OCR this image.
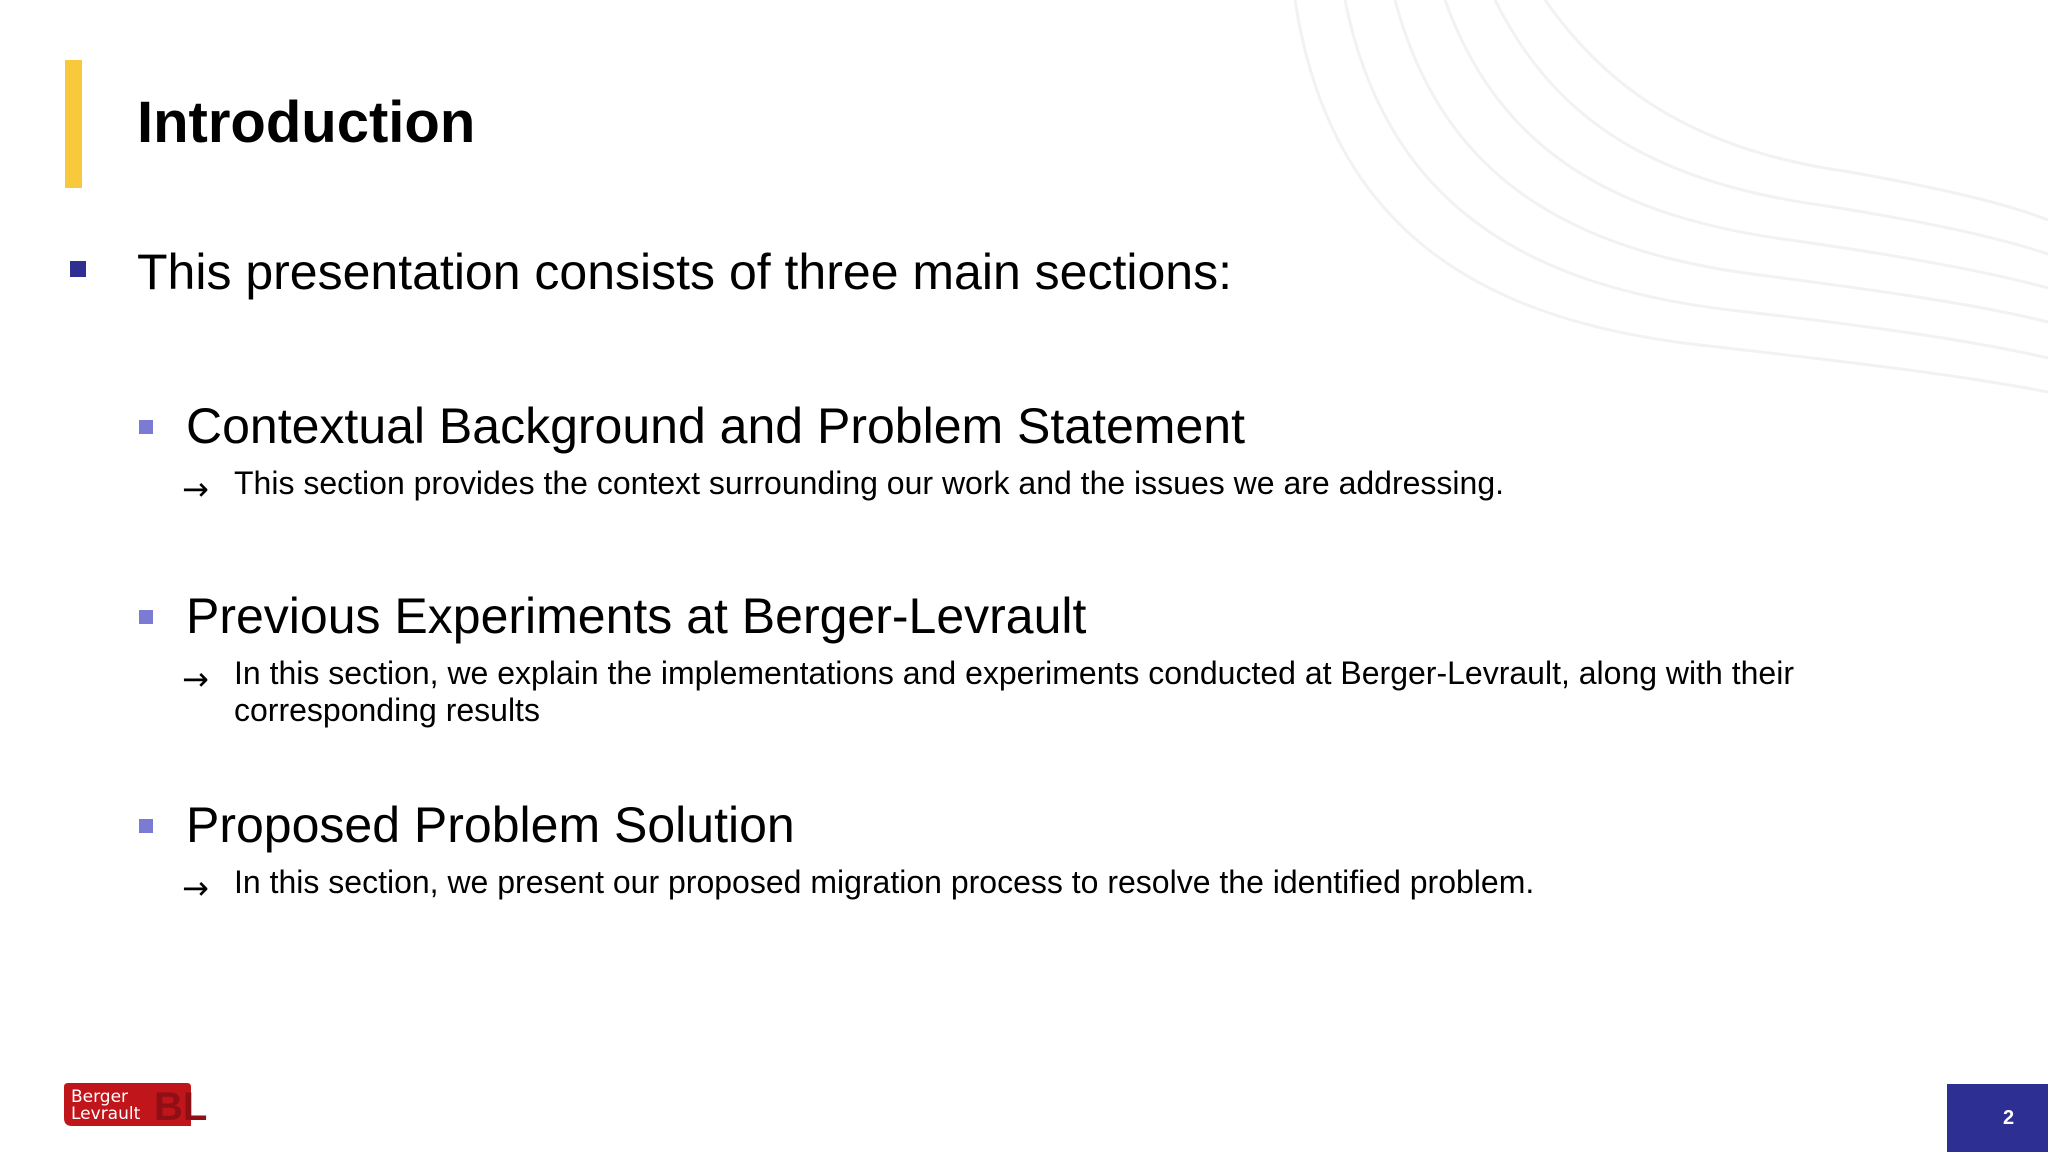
Introduction
This presentation consists of three main sections:
Contextual Background and Problem Statement
→ This section provides the context surrounding our work and the issues we are addressing.
Previous Experiments at Berger-Levrault
→ In this section, we explain the implementations and experiments conducted at Berger-Levrault, along with their corresponding results
Proposed Problem Solution
→ In this section, we present our proposed migration process to resolve the identified problem.
BL
Berger
Levrault	2
